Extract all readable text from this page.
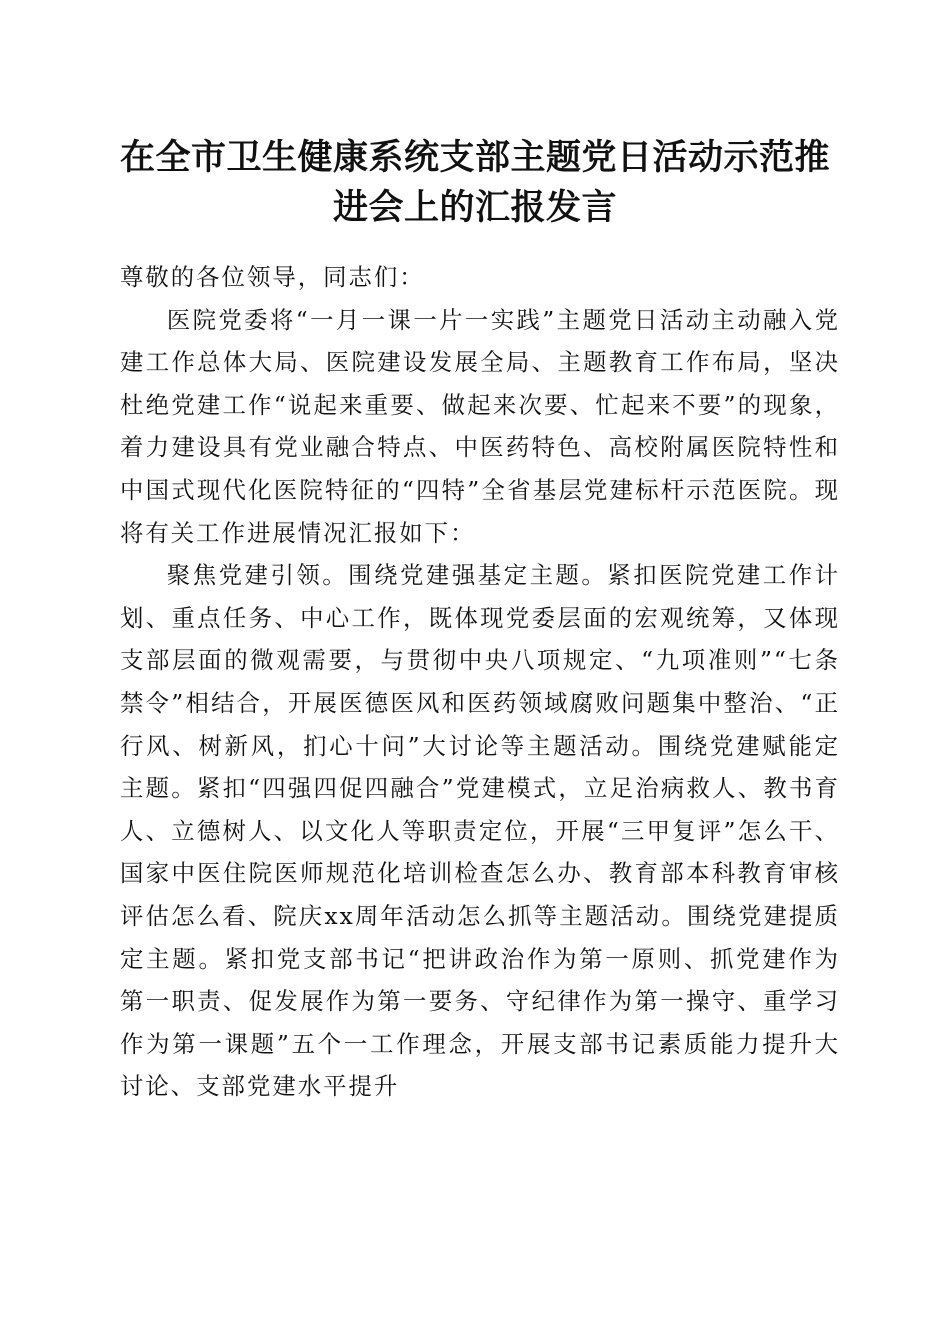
在全市卫生健康系统支部主题党日活动示范推
进会上的汇报发言

尊敬的各位领导，同志们：

医院党委将“一月一课一片一实践”主题党日活动主动融入党建工作总体大局、医院建设发展全局、主题教育工作布局，坚决杜绝党建工作“说起来重要、做起来次要、忙起来不要”的现象，着力建设具有党业融合特点、中医药特色、高校附属医院特性和中国式现代化医院特征的“四特”全省基层党建标杆示范医院。现将有关工作进展情况汇报如下：

聚焦党建引领。围绕党建强基定主题。紧扣医院党建工作计划、重点任务、中心工作，既体现党委层面的宏观统筹，又体现支部层面的微观需要，与贯彻中央八项规定、“九项准则”“七条禁令”相结合，开展医德医风和医药领域腐败问题集中整治、“正行风、树新风，扪心十问”大讨论等主题活动。围绕党建赋能定主题。紧扣“四强四促四融合”党建模式，立足治病救人、教书育人、立德树人、以文化人等职责定位，开展“三甲复评”怎么干、国家中医住院医师规范化培训检查怎么办、教育部本科教育审核评估怎么看、院庆xx周年活动怎么抓等主题活动。围绕党建提质定主题。紧扣党支部书记“把讲政治作为第一原则、抓党建作为第一职责、促发展作为第一要务、守纪律作为第一操守、重学习作为第一课题”五个一工作理念，开展支部书记素质能力提升大讨论、支部党建水平提升
